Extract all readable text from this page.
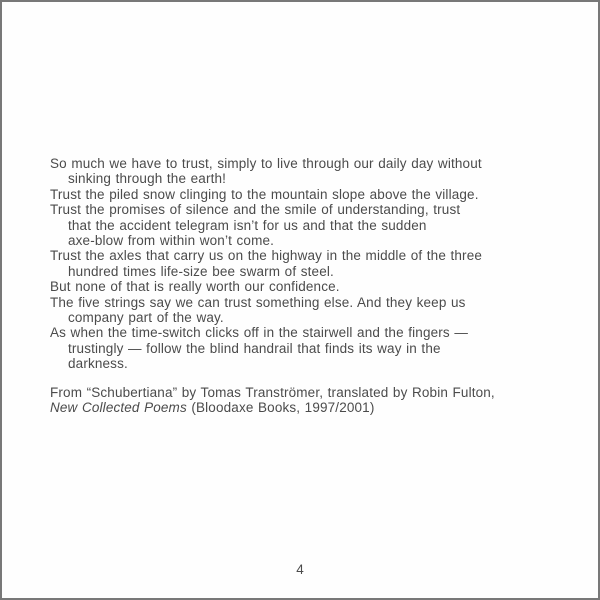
So much we have to trust, simply to live through our daily day without
sinking through the earth!
Trust the piled snow clinging to the mountain slope above the village.
Trust the promises of silence and the smile of understanding, trust
that the accident telegram isn’t for us and that the sudden
axe-blow from within won’t come.
Trust the axles that carry us on the highway in the middle of the three
hundred times life-size bee swarm of steel.
But none of that is really worth our confidence.
The five strings say we can trust something else. And they keep us
company part of the way.
As when the time-switch clicks off in the stairwell and the fingers —
trustingly — follow the blind handrail that finds its way in the
darkness.
From “Schubertiana” by Tomas Tranströmer, translated by Robin Fulton,
New Collected Poems (Bloodaxe Books, 1997/2001)
4
